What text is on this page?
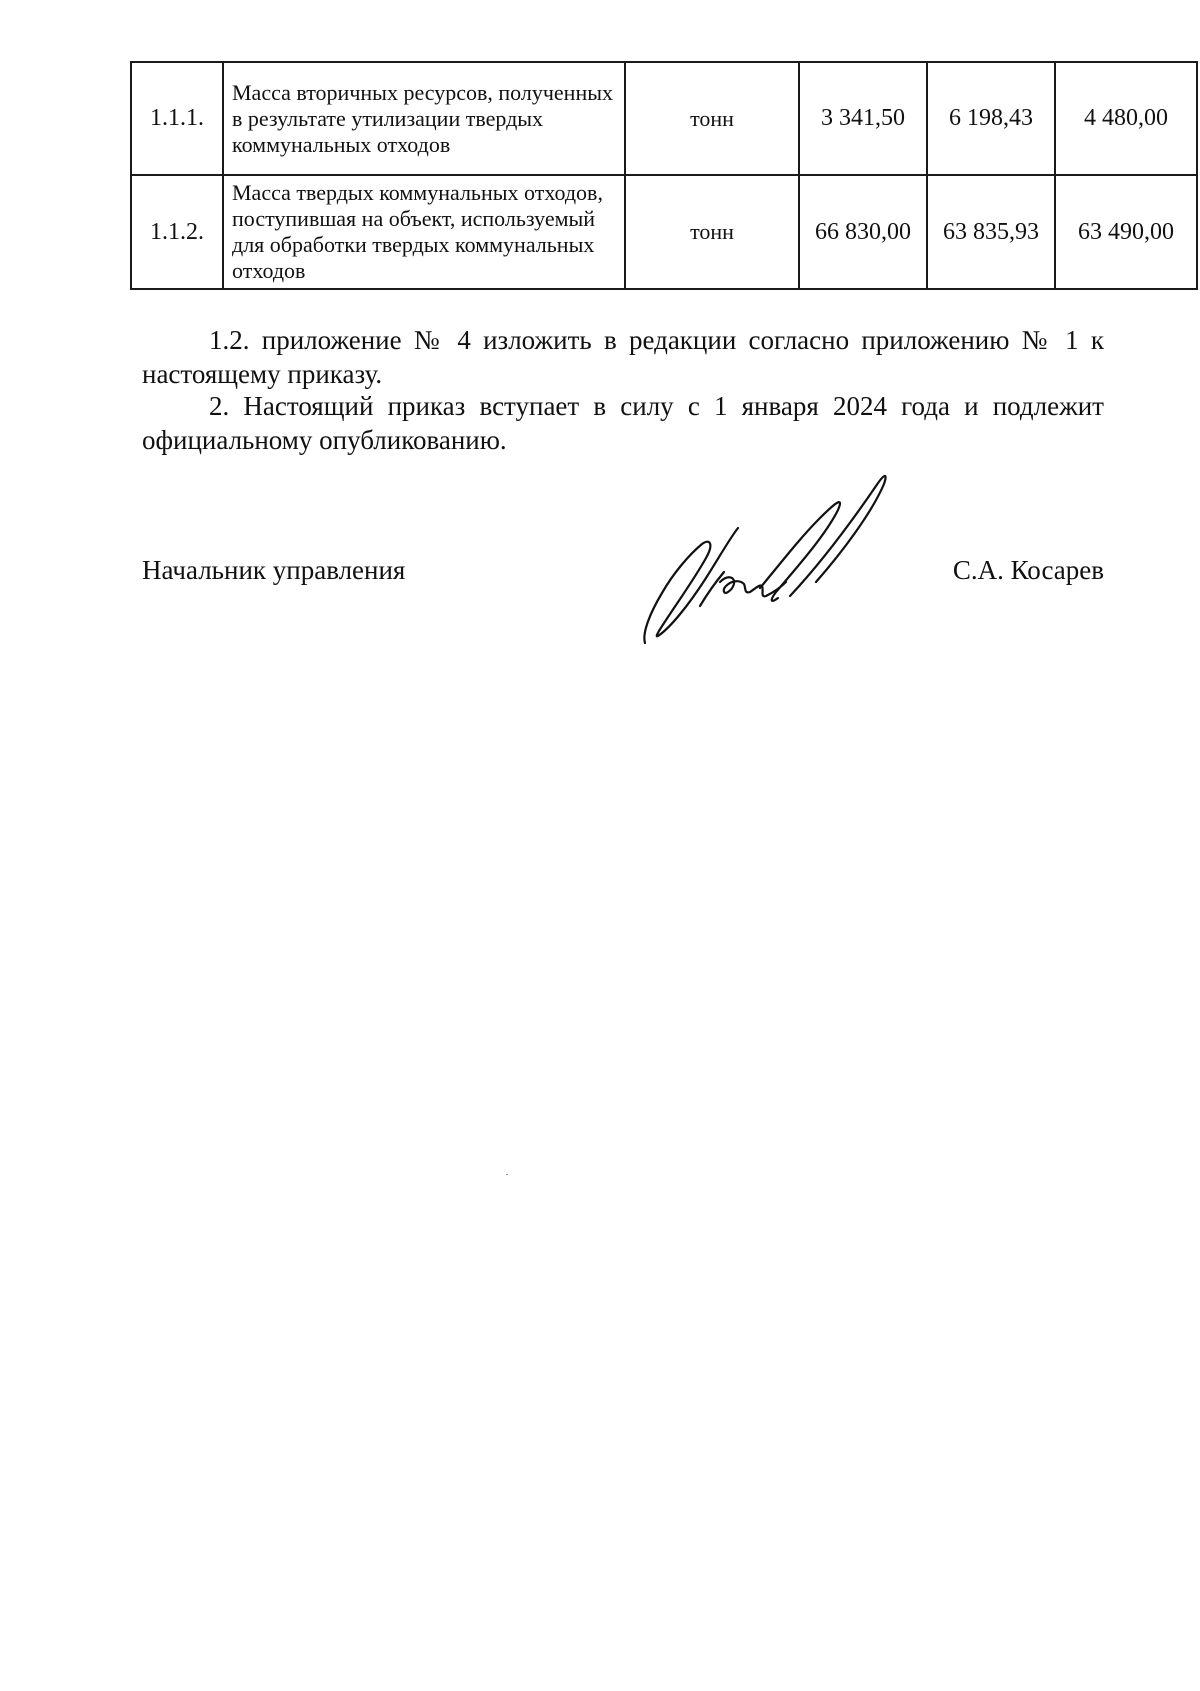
1.1.1.	Масса вторичных ресурсов, полученных в результате утилизации твердых коммунальных отходов	тонн	3 341,50	6 198,43	4 480,00
1.1.2.	Масса твердых коммунальных отходов, поступившая на объект, используемый для обработки твердых коммунальных отходов	тонн	66 830,00	63 835,93	63 490,00

1.2. приложение № 4 изложить в редакции согласно приложению № 1 к настоящему приказу.

2. Настоящий приказ вступает в силу с 1 января 2024 года и подлежит официальному опубликованию.

Начальник управления	С.А. Косарев
